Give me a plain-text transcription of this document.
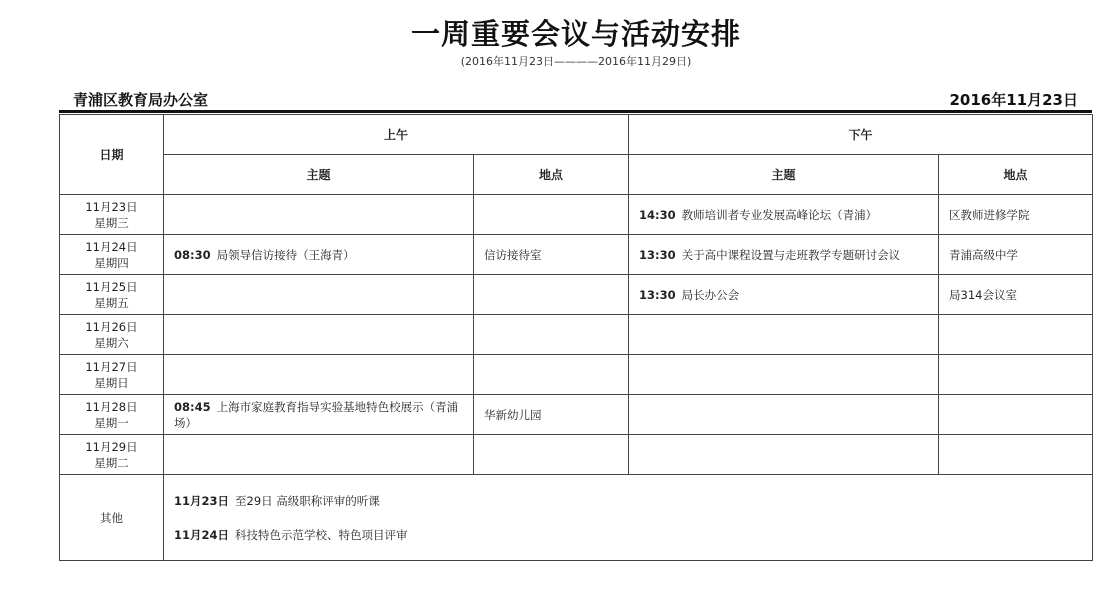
一周重要会议与活动安排
(2016年11月23日————2016年11月29日)
青浦区教育局办公室	2016年11月23日
日期	上午		下午	
	主题	地点	主题	地点

11月23日
星期三			14:30 教师培训者专业发展高峰论坛（青浦）	区教师进修学院

11月24日
星期四	08:30 局领导信访接待（王海青）	信访接待室	13:30 关于高中课程设置与走班教学专题研讨会议	青浦高级中学

11月25日
星期五			13:30 局长办公会	局314会议室

11月26日
星期六				

11月27日
星期日				

11月28日
星期一	08:45 上海市家庭教育指导实验基地特色校展示（青浦场）	华新幼儿园		

11月29日
星期二				

其他	11月23日 至29日 高级职称评审的听课
11月24日 科技特色示范学校、特色项目评审			
